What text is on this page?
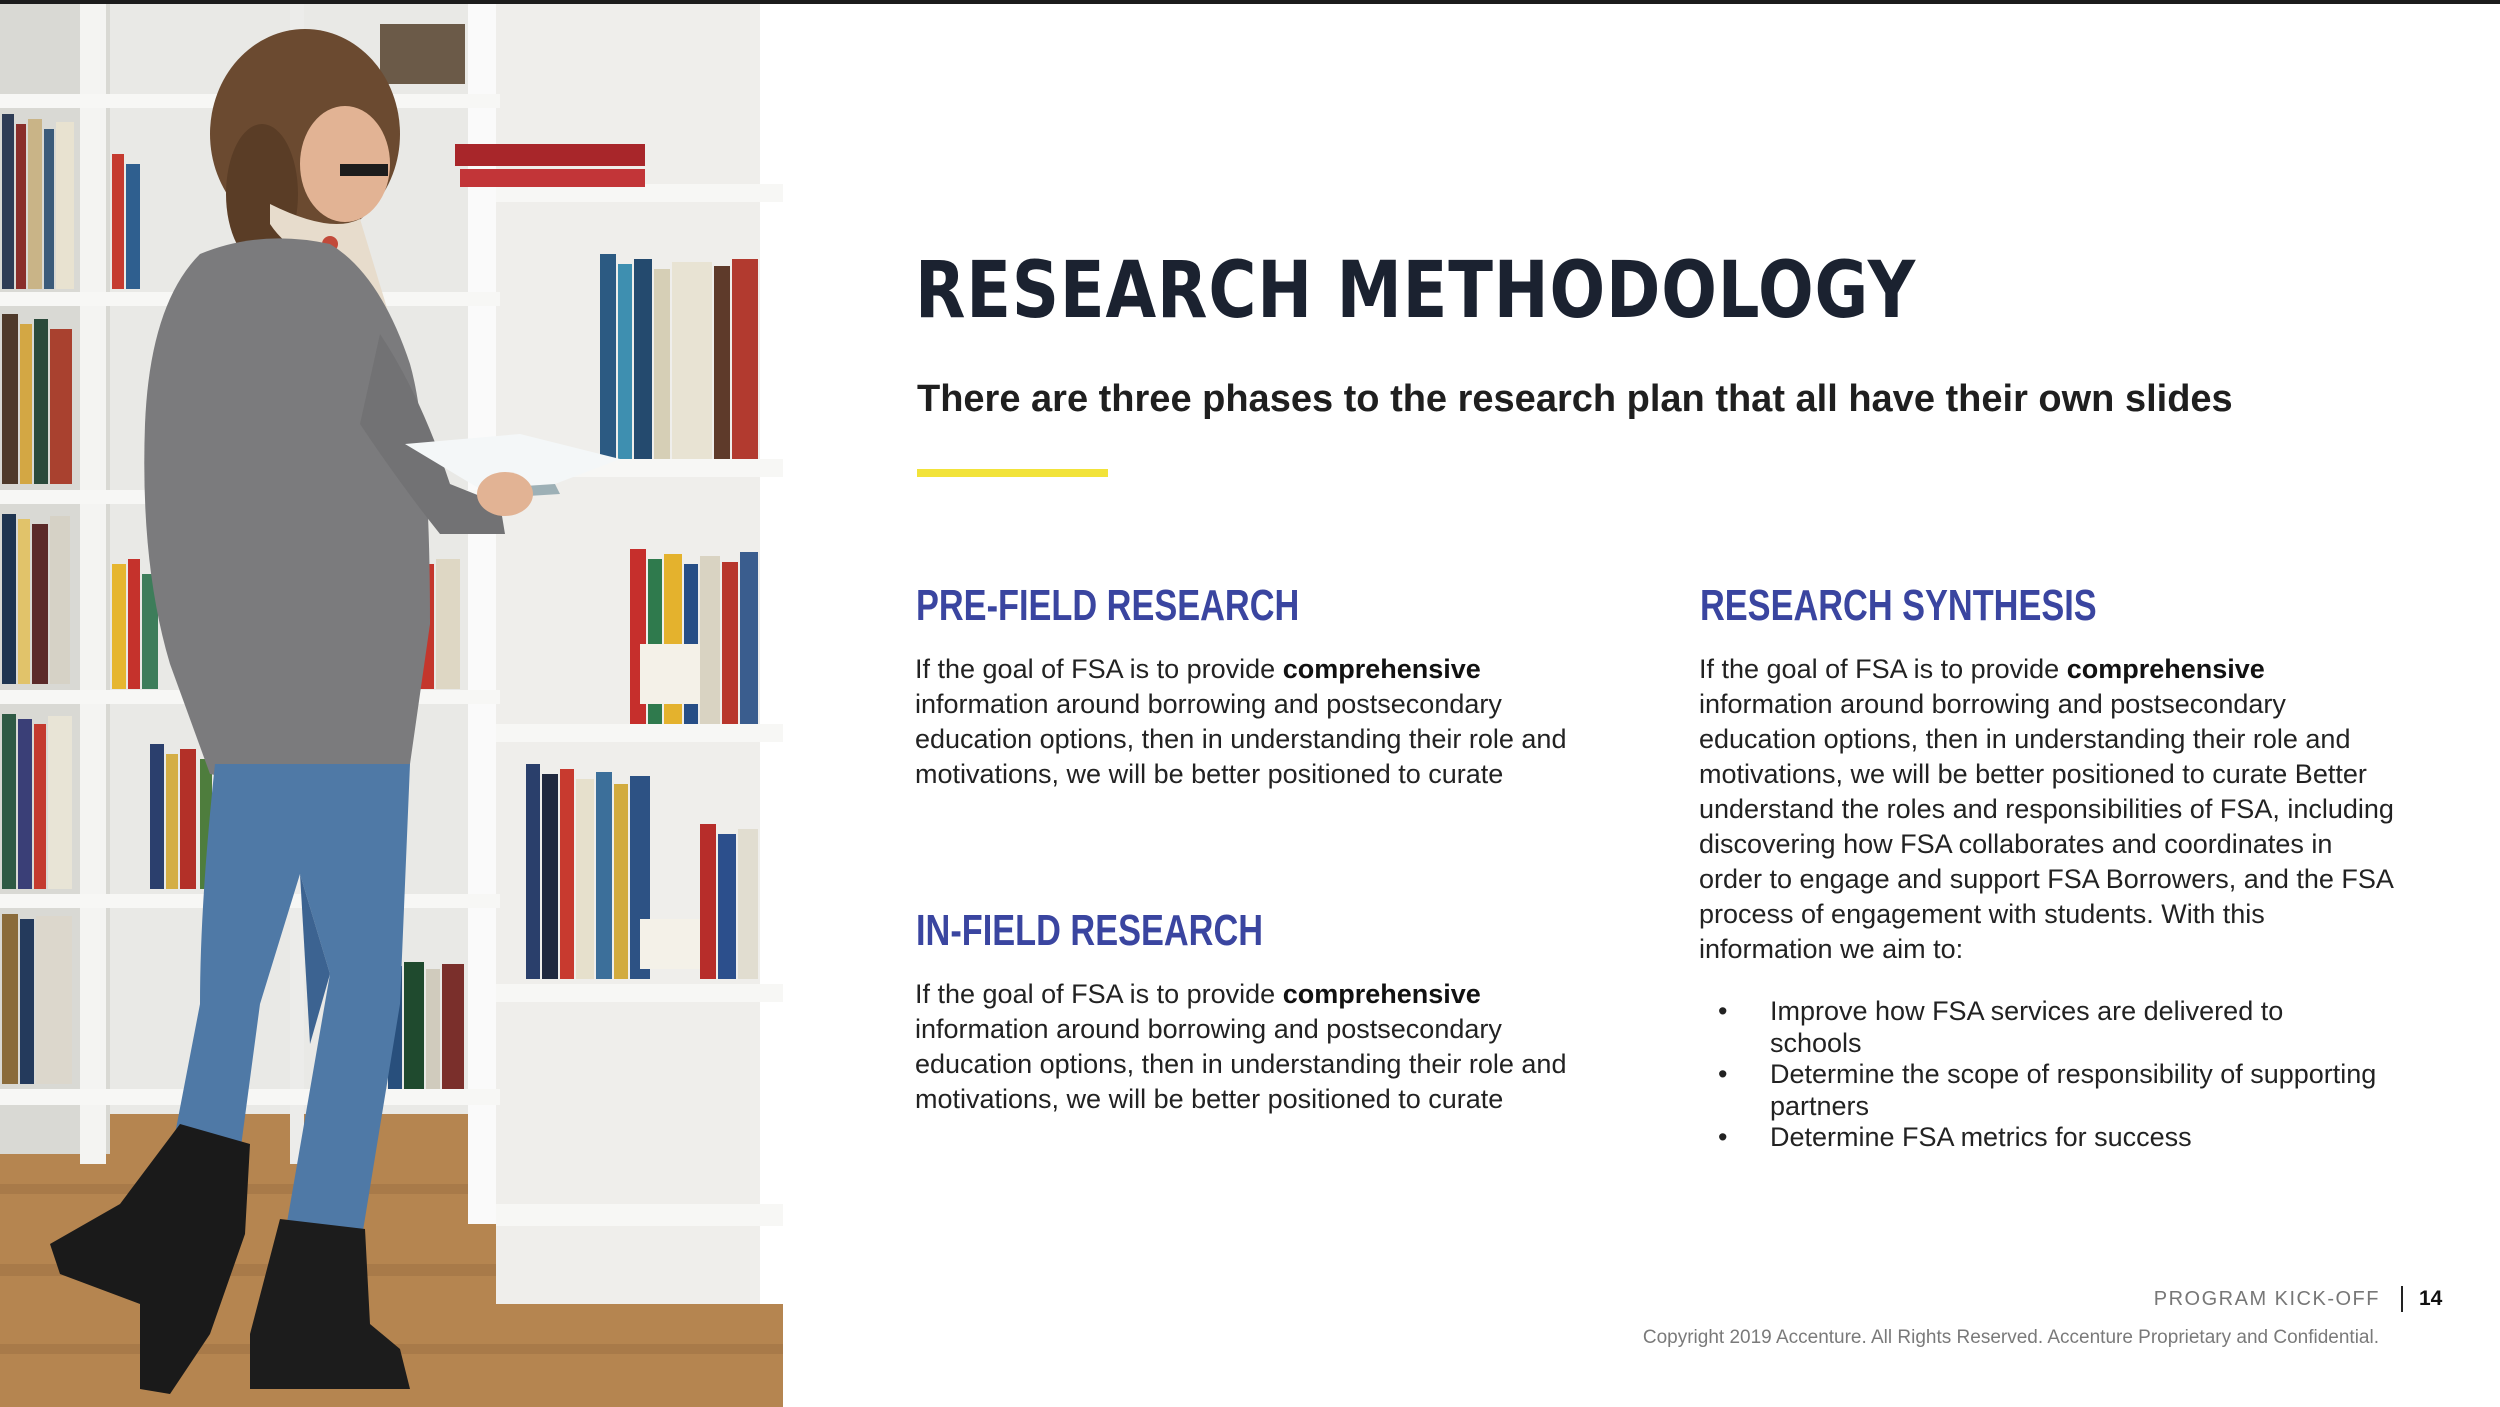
RESEARCH METHODOLOGY

There are three phases to the research plan that all have their own slides

PRE-FIELD RESEARCH

If the goal of FSA is to provide comprehensive information around borrowing and postsecondary education options, then in understanding their role and motivations, we will be better positioned to curate

IN-FIELD RESEARCH

If the goal of FSA is to provide comprehensive information around borrowing and postsecondary education options, then in understanding their role and motivations, we will be better positioned to curate

RESEARCH SYNTHESIS

If the goal of FSA is to provide comprehensive information around borrowing and postsecondary education options, then in understanding their role and motivations, we will be better positioned to curate Better understand the roles and responsibilities of FSA, including discovering how FSA collaborates and coordinates in order to engage and support FSA Borrowers, and the FSA process of engagement with students. With this information we aim to:

• Improve how FSA services are delivered to schools
• Determine the scope of responsibility of supporting partners
• Determine FSA metrics for success
PROGRAM KICK-OFF 14
Copyright 2019 Accenture. All Rights Reserved. Accenture Proprietary and Confidential.
